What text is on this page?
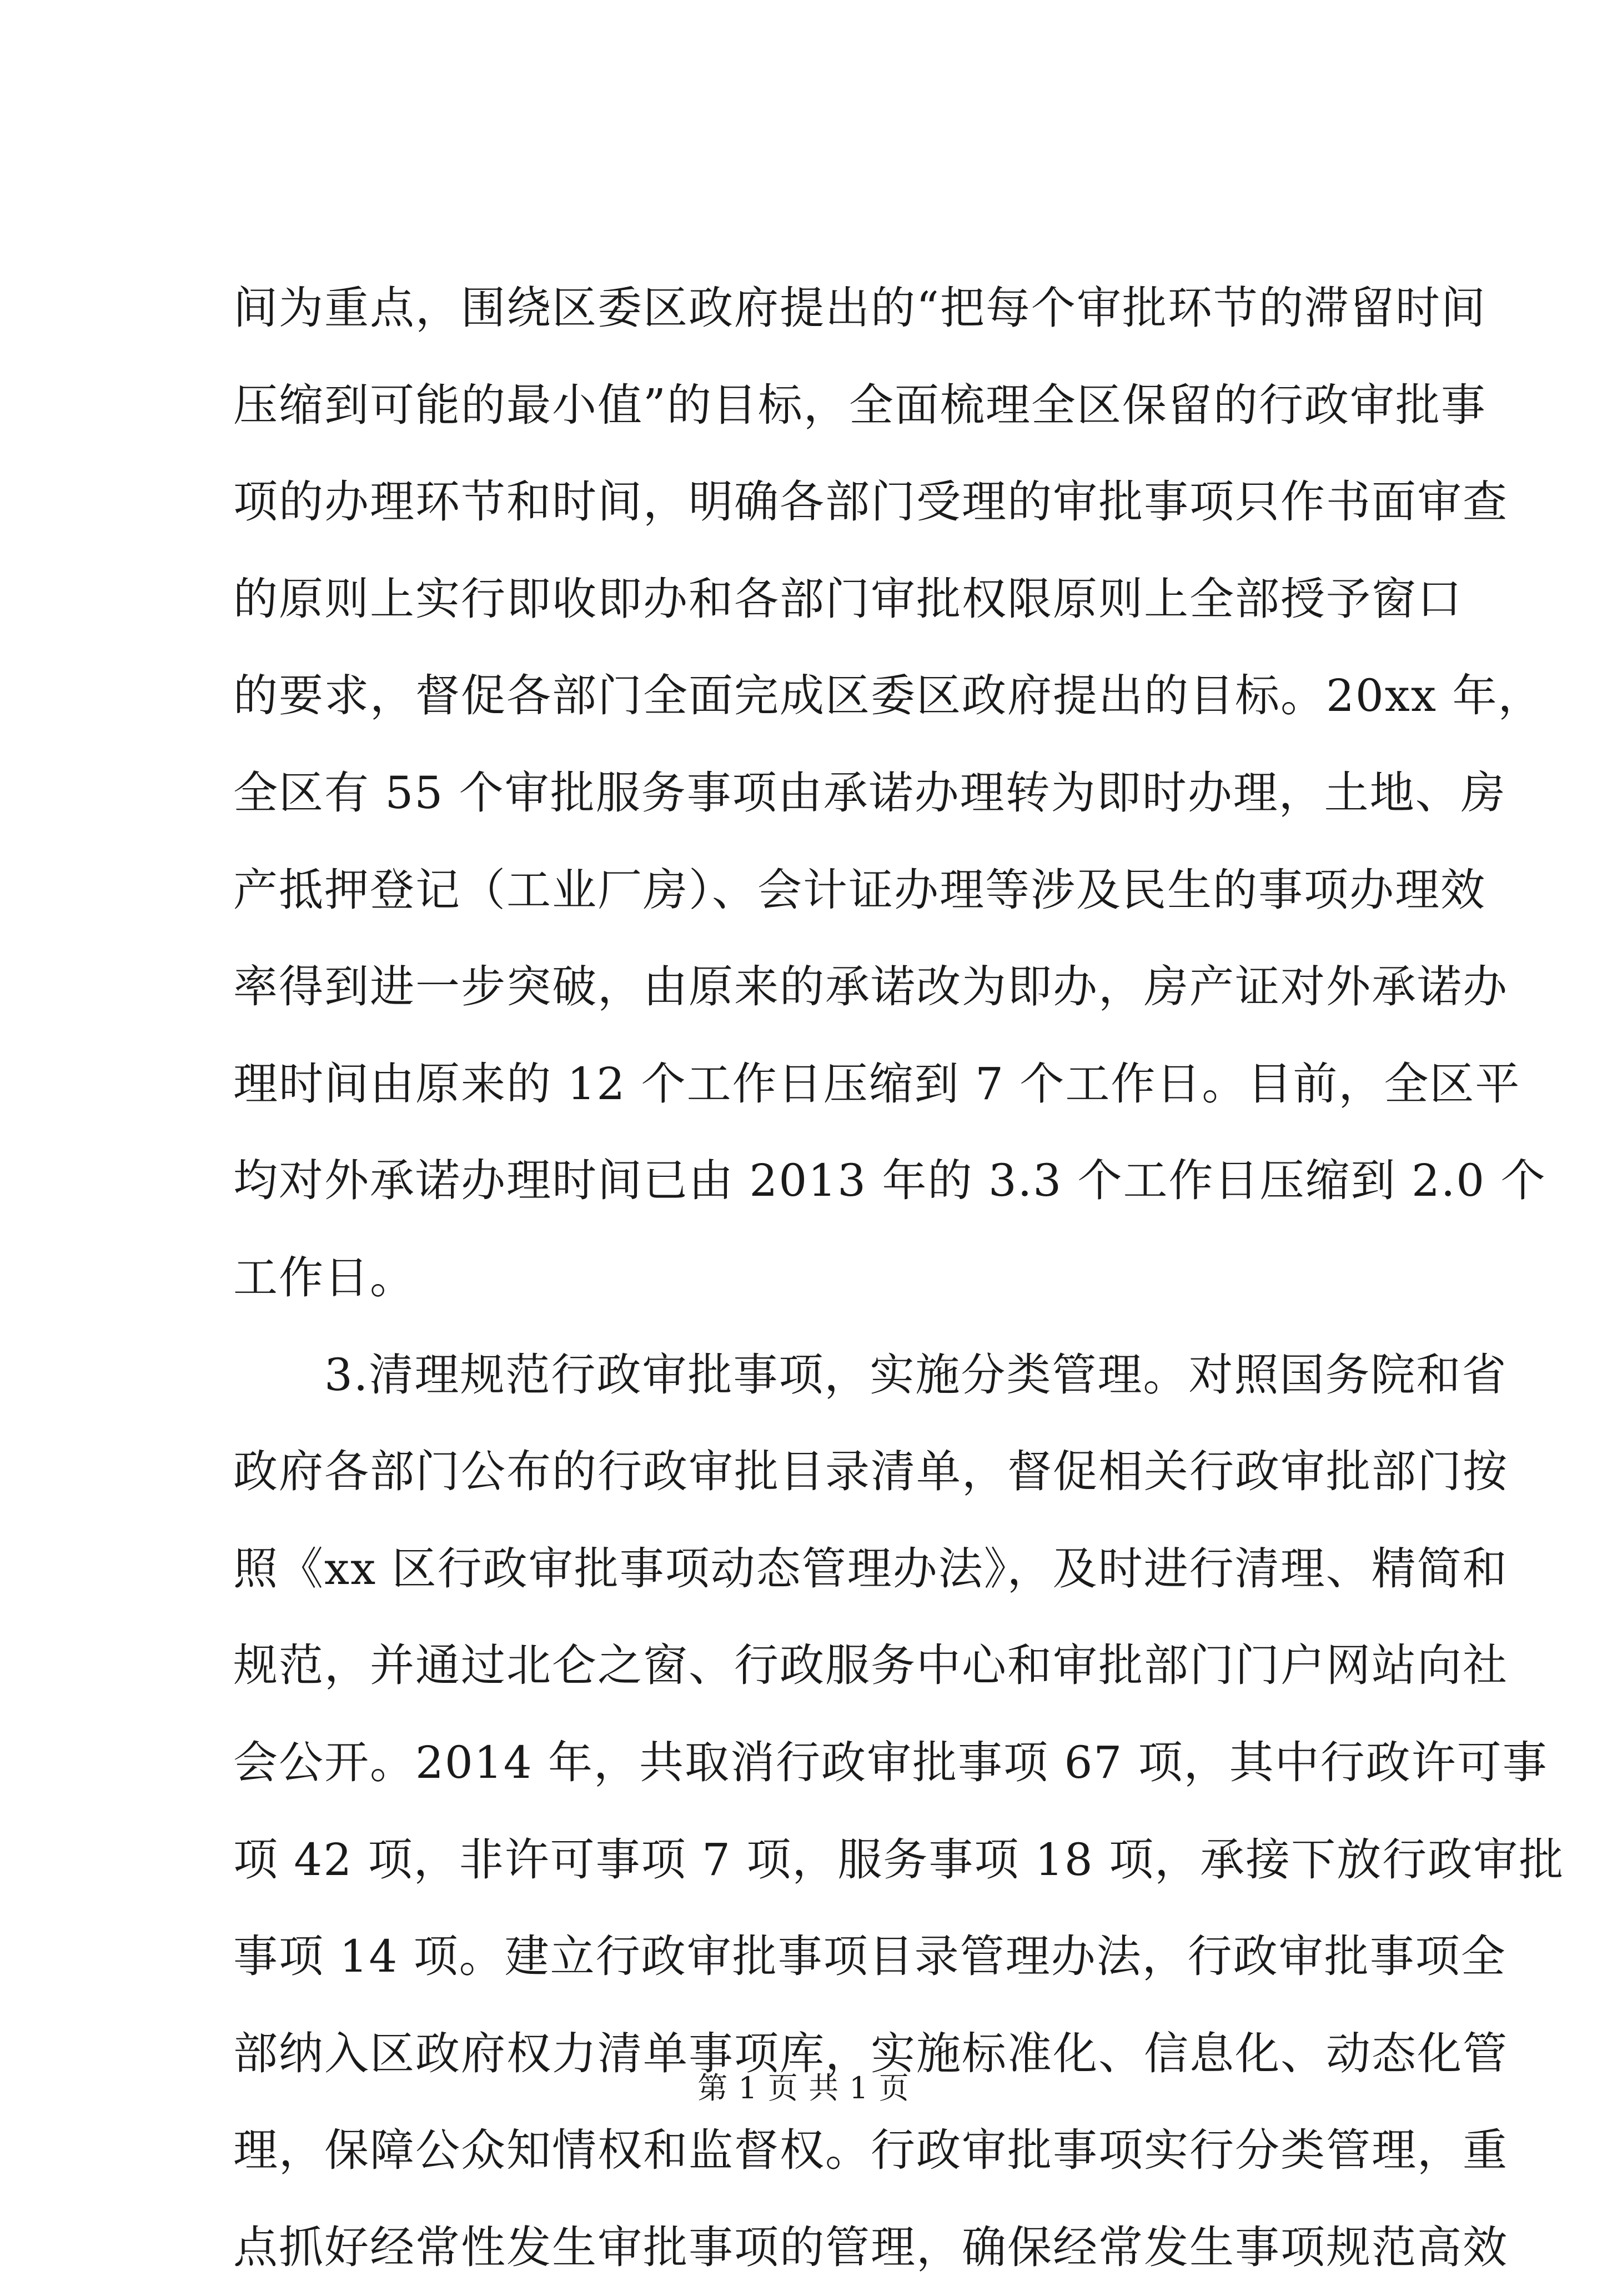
间为重点，围绕区委区政府提出的“把每个审批环节的滞留时间
压缩到可能的最小值”的目标，全面梳理全区保留的行政审批事
项的办理环节和时间，明确各部门受理的审批事项只作书面审查
的原则上实行即收即办和各部门审批权限原则上全部授予窗口
的要求，督促各部门全面完成区委区政府提出的目标。20xx 年，
全区有 55 个审批服务事项由承诺办理转为即时办理，土地、房
产抵押登记（工业厂房）、会计证办理等涉及民生的事项办理效
率得到进一步突破，由原来的承诺改为即办，房产证对外承诺办
理时间由原来的 12 个工作日压缩到 7 个工作日。目前，全区平
均对外承诺办理时间已由 2013 年的 3.3 个工作日压缩到 2.0 个
工作日。
　　3.清理规范行政审批事项，实施分类管理。对照国务院和省
政府各部门公布的行政审批目录清单，督促相关行政审批部门按
照《xx 区行政审批事项动态管理办法》，及时进行清理、精简和
规范，并通过北仑之窗、行政服务中心和审批部门门户网站向社
会公开。2014 年，共取消行政审批事项 67 项，其中行政许可事
项 42 项，非许可事项 7 项，服务事项 18 项，承接下放行政审批
事项 14 项。建立行政审批事项目录管理办法，行政审批事项全
部纳入区政府权力清单事项库，实施标准化、信息化、动态化管
理，保障公众知情权和监督权。行政审批事项实行分类管理，重
点抓好经常性发生审批事项的管理，确保经常发生事项规范高效
第 1 页 共 1 页
